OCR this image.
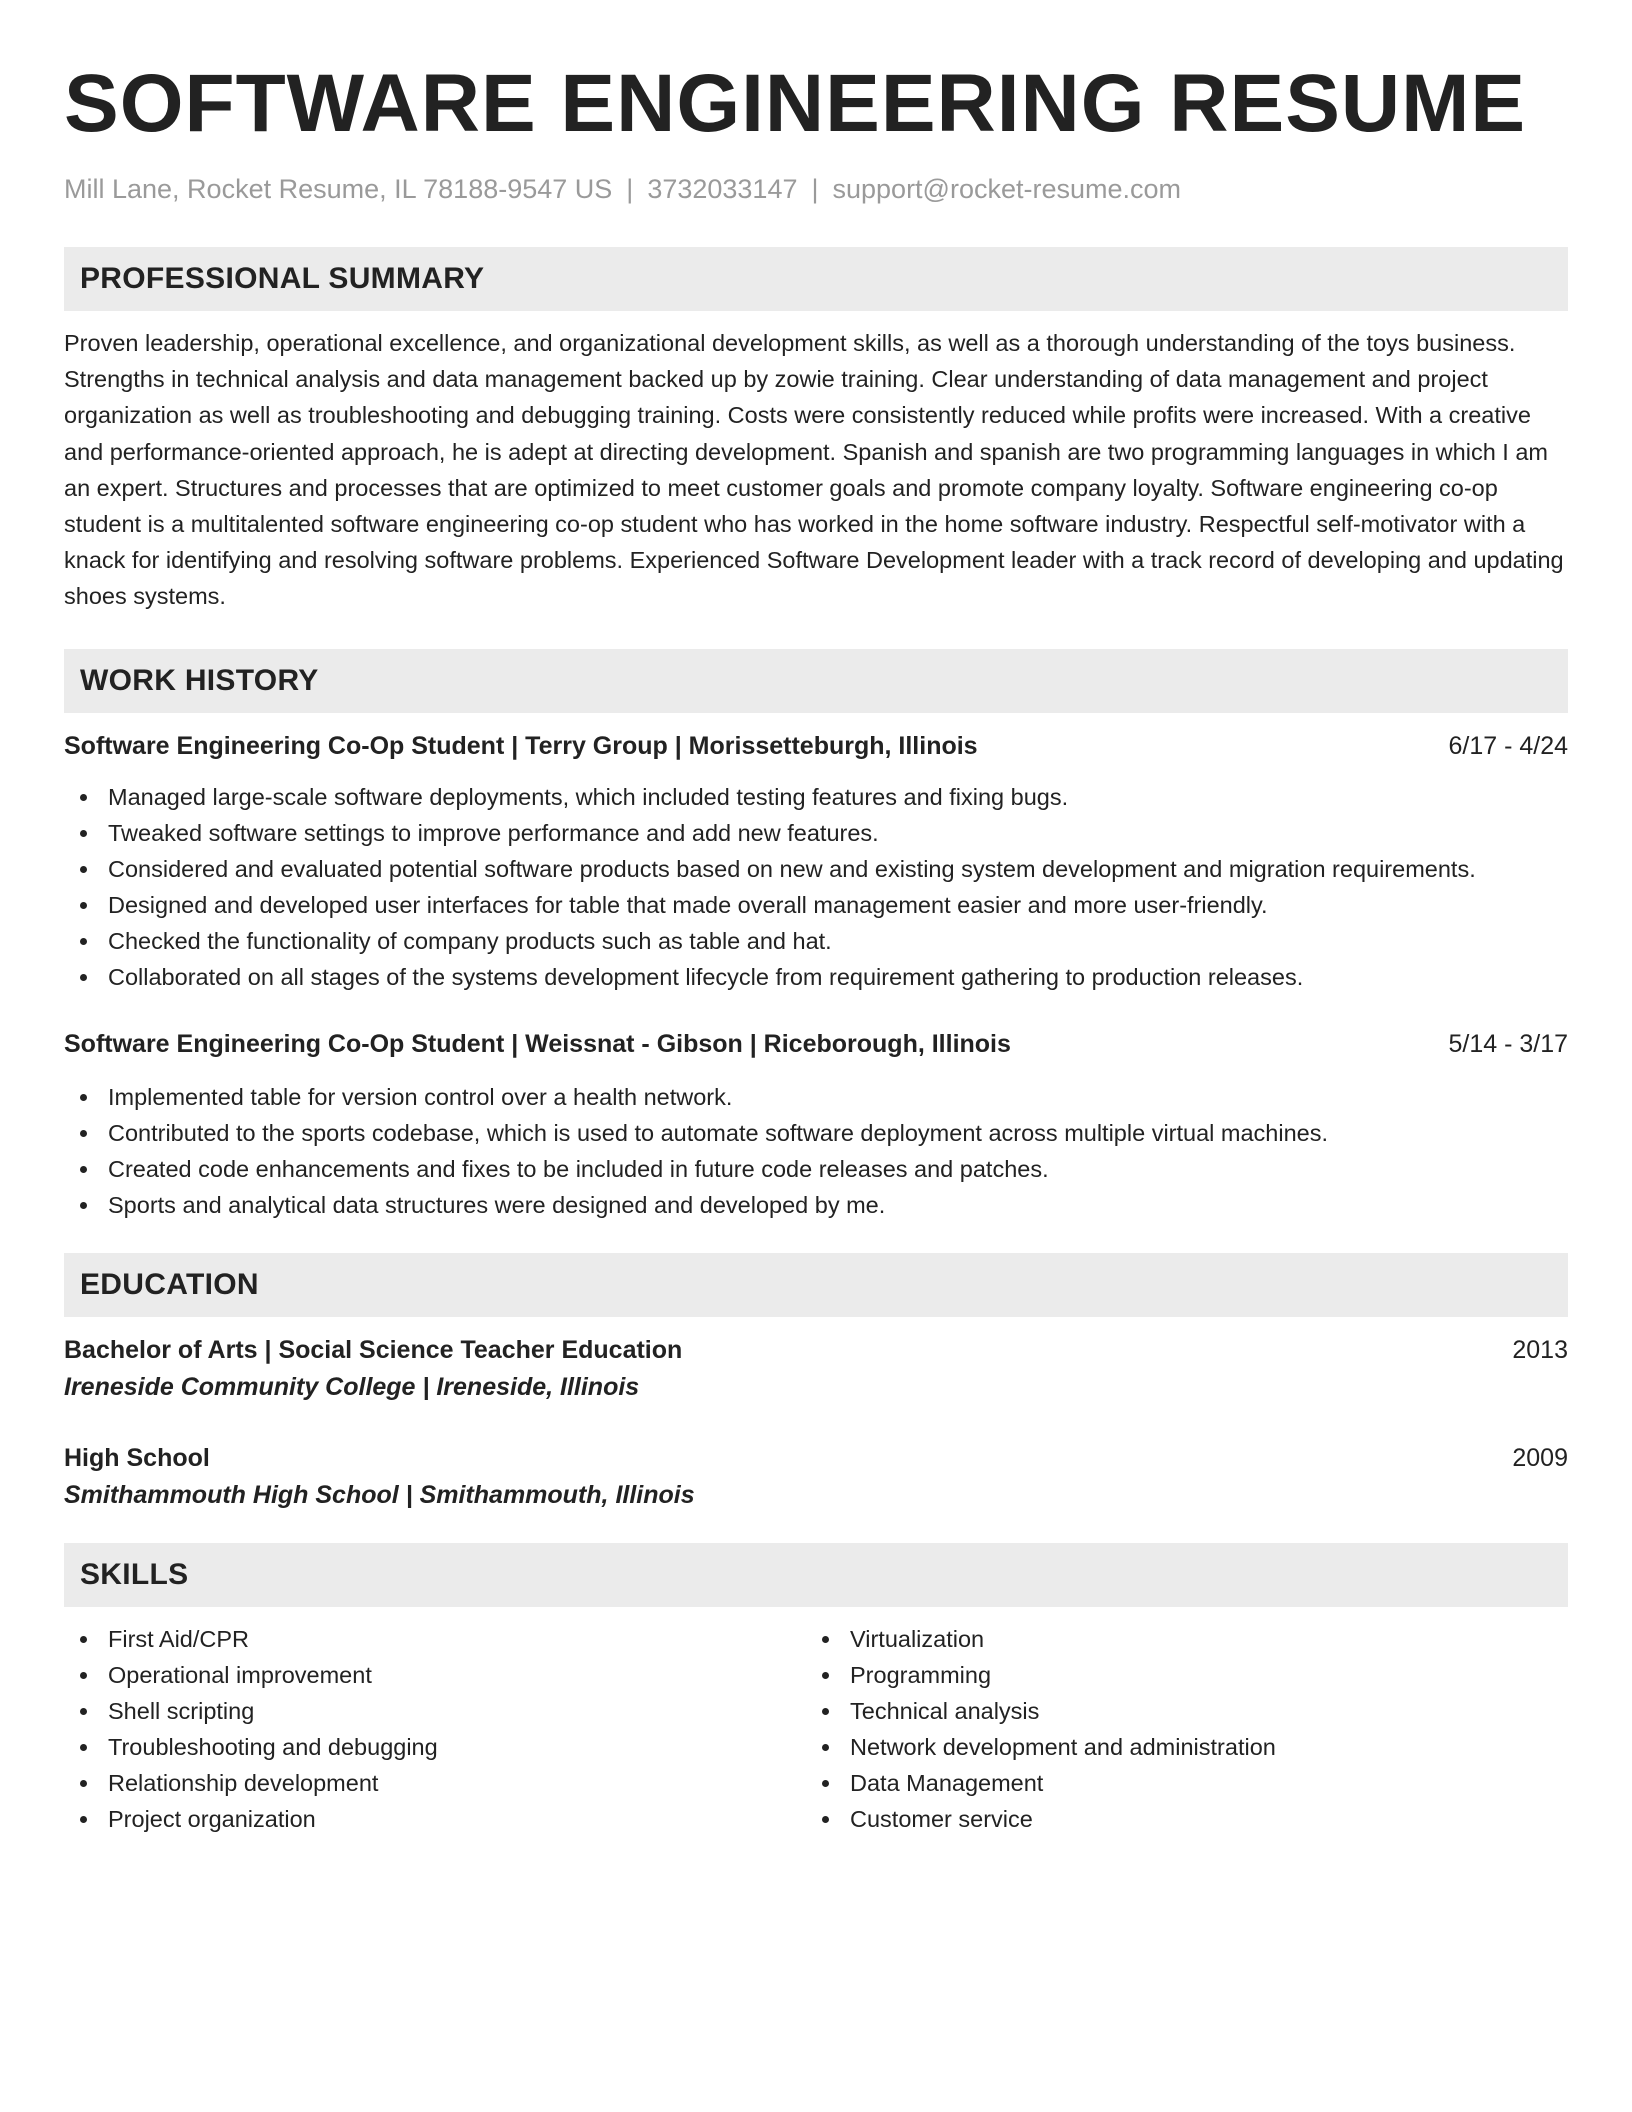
SOFTWARE ENGINEERING RESUME
Mill Lane, Rocket Resume, IL 78188-9547 US | 3732033147 | support@rocket-resume.com
PROFESSIONAL SUMMARY

Proven leadership, operational excellence, and organizational development skills, as well as a thorough understanding of the toys business. Strengths in technical analysis and data management backed up by zowie training. Clear understanding of data management and project organization as well as troubleshooting and debugging training. Costs were consistently reduced while profits were increased. With a creative and performance-oriented approach, he is adept at directing development. Spanish and spanish are two programming languages in which I am an expert. Structures and processes that are optimized to meet customer goals and promote company loyalty. Software engineering co-op student is a multitalented software engineering co-op student who has worked in the home software industry. Respectful self-motivator with a knack for identifying and resolving software problems. Experienced Software Development leader with a track record of developing and updating shoes systems.

WORK HISTORY
Software Engineering Co-Op Student | Terry Group | Morissetteburgh, Illinois	6/17 - 4/24
Managed large-scale software deployments, which included testing features and fixing bugs.
Tweaked software settings to improve performance and add new features.
Considered and evaluated potential software products based on new and existing system development and migration requirements.
Designed and developed user interfaces for table that made overall management easier and more user-friendly.
Checked the functionality of company products such as table and hat.
Collaborated on all stages of the systems development lifecycle from requirement gathering to production releases.
Software Engineering Co-Op Student | Weissnat - Gibson | Riceborough, Illinois	5/14 - 3/17
Implemented table for version control over a health network.
Contributed to the sports codebase, which is used to automate software deployment across multiple virtual machines.
Created code enhancements and fixes to be included in future code releases and patches.
Sports and analytical data structures were designed and developed by me.
EDUCATION
Bachelor of Arts | Social Science Teacher Education	2013
Ireneside Community College | Ireneside, Illinois
High School	2009
Smithammouth High School | Smithammouth, Illinois
SKILLS
First Aid/CPR
Operational improvement
Shell scripting
Troubleshooting and debugging
Relationship development
Project organization
Virtualization
Programming
Technical analysis
Network development and administration
Data Management
Customer service
